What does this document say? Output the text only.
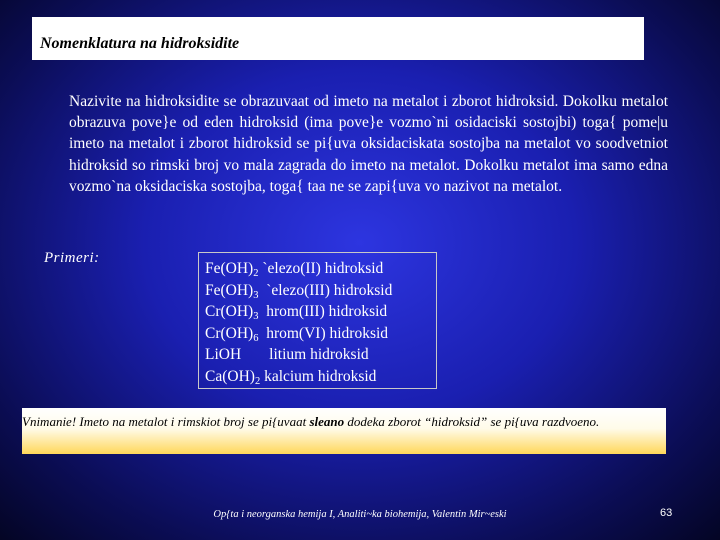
Nomenklatura na hidroksidite
Nazivite na hidroksidite se obrazuvaat od imeto na metalot i zborot hidroksid. Dokolku metalot obrazuva pove}e od eden hidroksid (ima pove}e vozmo`ni osidaciski sostojbi) toga{ pome|u imeto na metalot i zborot hidroksid se pi{uva oksidaciskata sostojba na metalot vo soodvetniot hidroksid so rimski broj vo mala zagrada do imeto na metalot. Dokolku metalot ima samo edna vozmo`na oksidaciska sostojba, toga{ taa ne se zapi{uva vo nazivot na metalot.
Primeri:
$Fe(OH)_2$ `elezo(II) hidroksid
$Fe(OH)_3$ `elezo(III) hidroksid
$Cr(OH)_3$ hrom(III) hidroksid
$Cr(OH)_6$ hrom(VI) hidroksid
LiOH litium hidroksid
$Ca(OH)_2$ kalcium hidroksid
Vnimanie! Imeto na metalot i rimskiot broj se pi{uvaat sleano dodeka zborot “hidroksid” se pi{uva razdvoeno.
Op{ta i neorganska hemija I, Analiti~ka biohemija, Valentin Mir~eski	63
